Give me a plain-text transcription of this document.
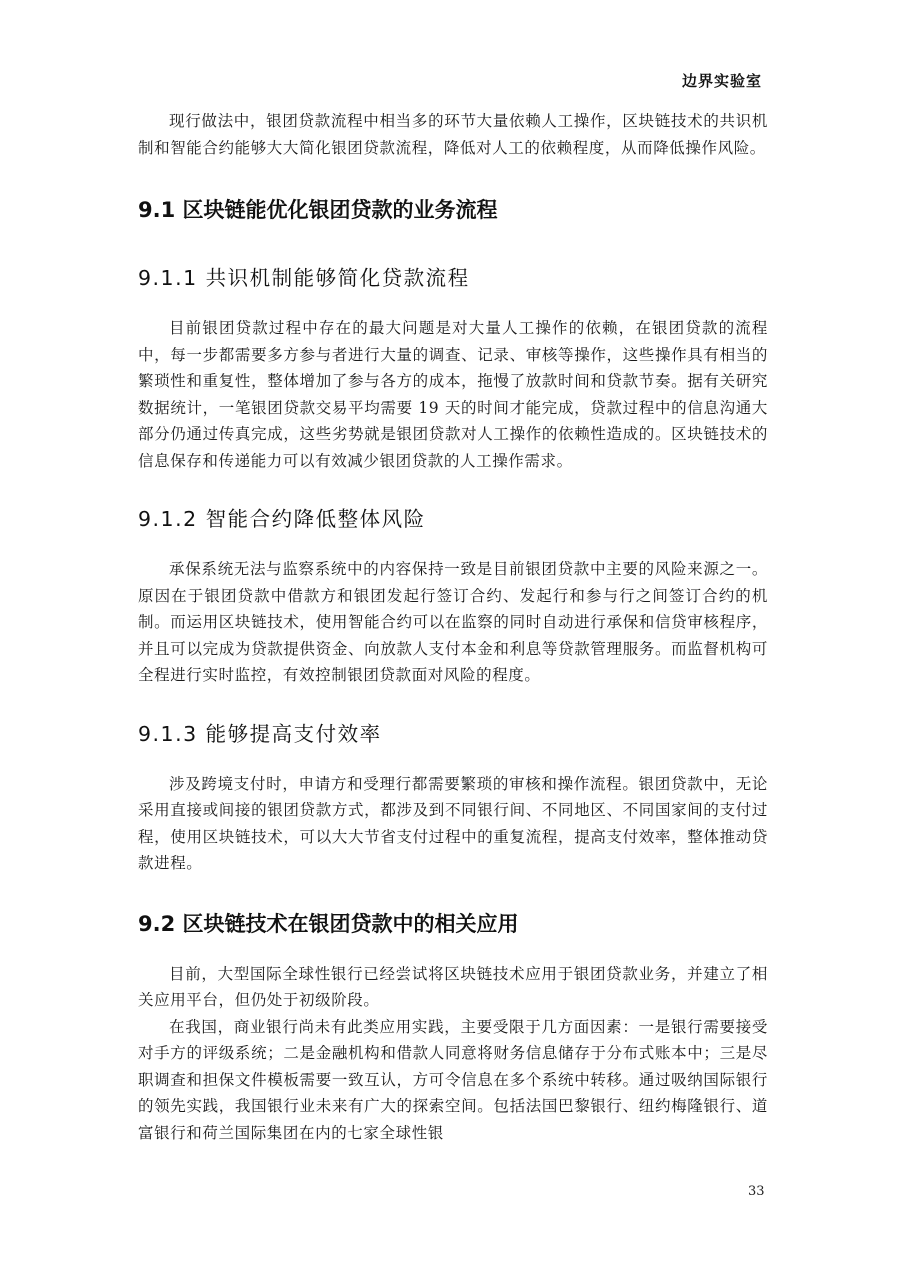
边界实验室

现行做法中，银团贷款流程中相当多的环节大量依赖人工操作，区块链技术的共识机制和智能合约能够大大简化银团贷款流程，降低对人工的依赖程度，从而降低操作风险。

9.1 区块链能优化银团贷款的业务流程
9.1.1 共识机制能够简化贷款流程

目前银团贷款过程中存在的最大问题是对大量人工操作的依赖，在银团贷款的流程中，每一步都需要多方参与者进行大量的调查、记录、审核等操作，这些操作具有相当的繁琐性和重复性，整体增加了参与各方的成本，拖慢了放款时间和贷款节奏。据有关研究数据统计，一笔银团贷款交易平均需要 19 天的时间才能完成，贷款过程中的信息沟通大部分仍通过传真完成，这些劣势就是银团贷款对人工操作的依赖性造成的。区块链技术的信息保存和传递能力可以有效减少银团贷款的人工操作需求。

9.1.2 智能合约降低整体风险

承保系统无法与监察系统中的内容保持一致是目前银团贷款中主要的风险来源之一。原因在于银团贷款中借款方和银团发起行签订合约、发起行和参与行之间签订合约的机制。而运用区块链技术，使用智能合约可以在监察的同时自动进行承保和信贷审核程序，并且可以完成为贷款提供资金、向放款人支付本金和利息等贷款管理服务。而监督机构可全程进行实时监控，有效控制银团贷款面对风险的程度。

9.1.3 能够提高支付效率

涉及跨境支付时，申请方和受理行都需要繁琐的审核和操作流程。银团贷款中，无论采用直接或间接的银团贷款方式，都涉及到不同银行间、不同地区、不同国家间的支付过程，使用区块链技术，可以大大节省支付过程中的重复流程，提高支付效率，整体推动贷款进程。

9.2 区块链技术在银团贷款中的相关应用

目前，大型国际全球性银行已经尝试将区块链技术应用于银团贷款业务，并建立了相关应用平台，但仍处于初级阶段。

在我国，商业银行尚未有此类应用实践，主要受限于几方面因素：一是银行需要接受对手方的评级系统；二是金融机构和借款人同意将财务信息储存于分布式账本中；三是尽职调查和担保文件模板需要一致互认，方可令信息在多个系统中转移。通过吸纳国际银行的领先实践，我国银行业未来有广大的探索空间。包括法国巴黎银行、纽约梅隆银行、道富银行和荷兰国际集团在内的七家全球性银

33
